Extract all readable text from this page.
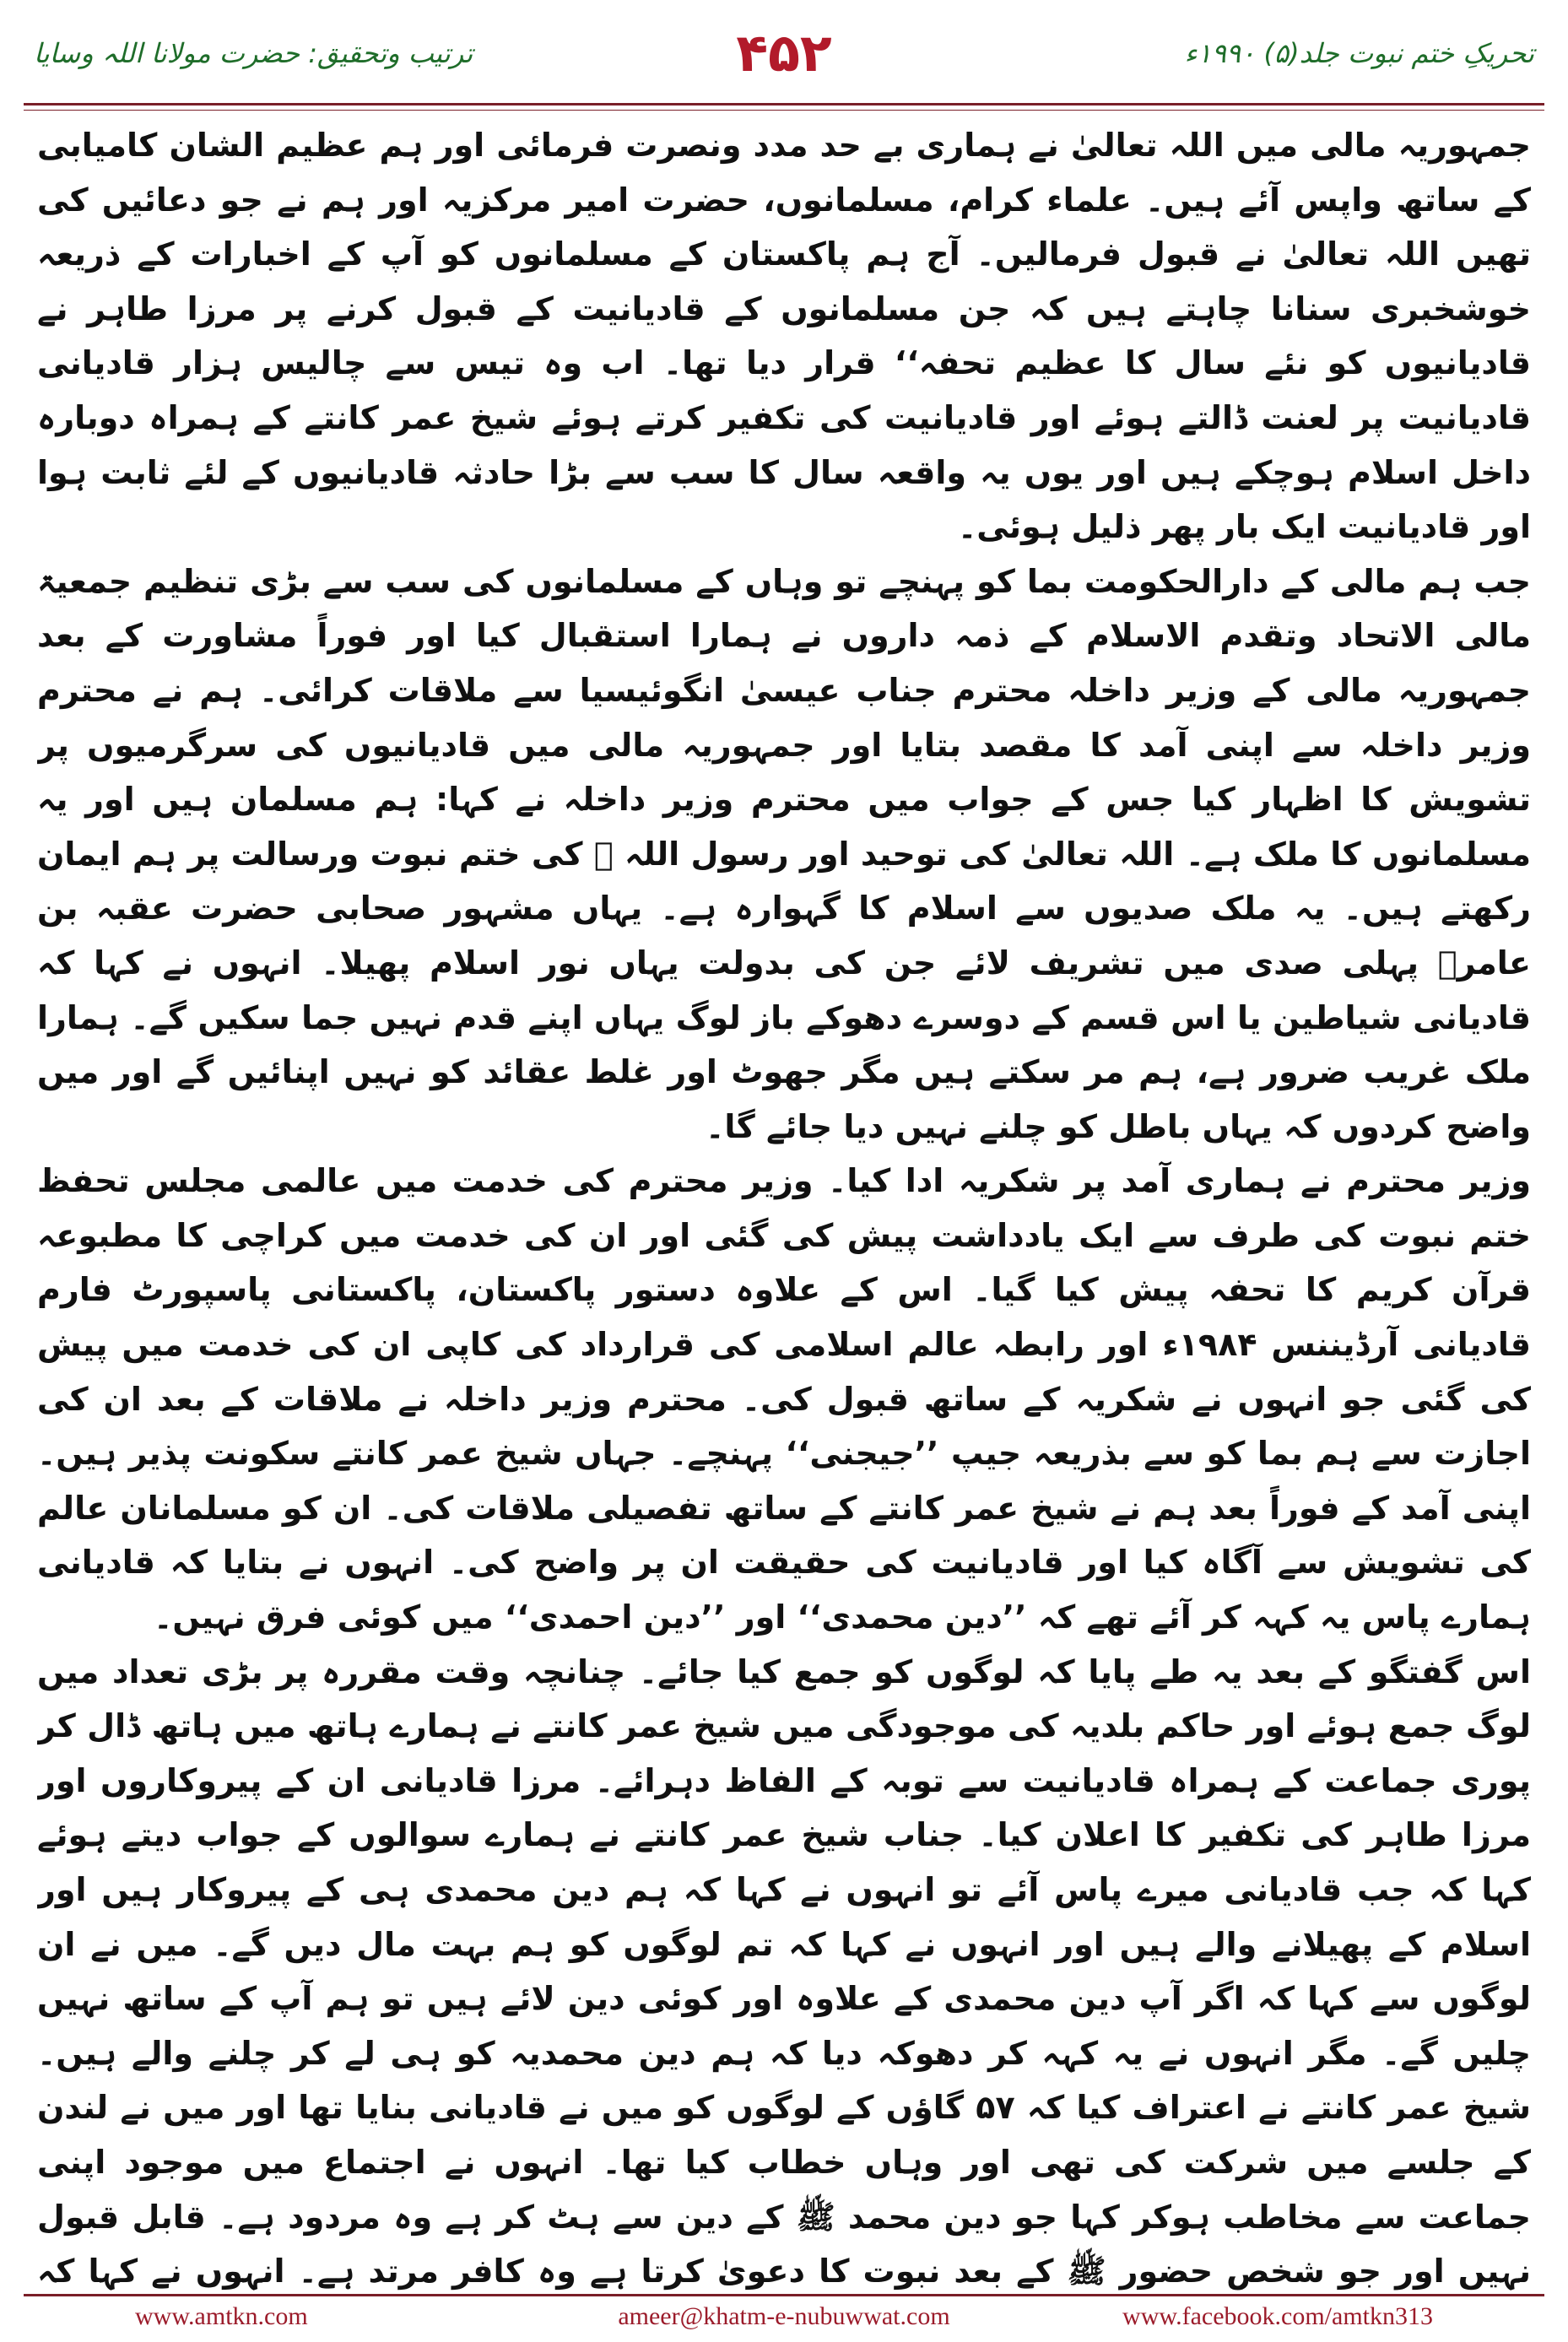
ترتیب وتحقیق: حضرت مولانا اللہ وسایا	۴۵۲	تحریکِ ختم نبوت جلد(۵) ۱۹۹۰ء

جمہوریہ مالی میں اللہ تعالیٰ نے ہماری بے حد مدد ونصرت فرمائی اور ہم عظیم الشان کامیابی کے ساتھ واپس آئے ہیں۔ علماء کرام، مسلمانوں، حضرت امیر مرکزیہ اور ہم نے جو دعائیں کی تھیں اللہ تعالیٰ نے قبول فرمالیں۔ آج ہم پاکستان کے مسلمانوں کو آپ کے اخبارات کے ذریعہ خوشخبری سنانا چاہتے ہیں کہ جن مسلمانوں کے قادیانیت کے قبول کرنے پر مرزا طاہر نے قادیانیوں کو نئے سال کا عظیم تحفہ‘‘ قرار دیا تھا۔ اب وہ تیس سے چالیس ہزار قادیانی قادیانیت پر لعنت ڈالتے ہوئے اور قادیانیت کی تکفیر کرتے ہوئے شیخ عمر کانتے کے ہمراہ دوبارہ داخل اسلام ہوچکے ہیں اور یوں یہ واقعہ سال کا سب سے بڑا حادثہ قادیانیوں کے لئے ثابت ہوا اور قادیانیت ایک بار پھر ذلیل ہوئی۔

جب ہم مالی کے دارالحکومت بما کو پہنچے تو وہاں کے مسلمانوں کی سب سے بڑی تنظیم جمعیۃ مالی الاتحاد وتقدم الاسلام کے ذمہ داروں نے ہمارا استقبال کیا اور فوراً مشاورت کے بعد جمہوریہ مالی کے وزیر داخلہ محترم جناب عیسیٰ انگوئیسیا سے ملاقات کرائی۔ ہم نے محترم وزیر داخلہ سے اپنی آمد کا مقصد بتایا اور جمہوریہ مالی میں قادیانیوں کی سرگرمیوں پر تشویش کا اظہار کیا جس کے جواب میں محترم وزیر داخلہ نے کہا: ہم مسلمان ہیں اور یہ مسلمانوں کا ملک ہے۔ اللہ تعالیٰ کی توحید اور رسول اللہ ﷺ کی ختم نبوت ورسالت پر ہم ایمان رکھتے ہیں۔ یہ ملک صدیوں سے اسلام کا گہوارہ ہے۔ یہاں مشہور صحابی حضرت عقبہ بن عامرؓ پہلی صدی میں تشریف لائے جن کی بدولت یہاں نور اسلام پھیلا۔ انہوں نے کہا کہ قادیانی شیاطین یا اس قسم کے دوسرے دھوکے باز لوگ یہاں اپنے قدم نہیں جما سکیں گے۔ ہمارا ملک غریب ضرور ہے، ہم مر سکتے ہیں مگر جھوٹ اور غلط عقائد کو نہیں اپنائیں گے اور میں واضح کردوں کہ یہاں باطل کو چلنے نہیں دیا جائے گا۔

وزیر محترم نے ہماری آمد پر شکریہ ادا کیا۔ وزیر محترم کی خدمت میں عالمی مجلس تحفظ ختم نبوت کی طرف سے ایک یادداشت پیش کی گئی اور ان کی خدمت میں کراچی کا مطبوعہ قرآن کریم کا تحفہ پیش کیا گیا۔ اس کے علاوہ دستور پاکستان، پاکستانی پاسپورٹ فارم قادیانی آرڈیننس ۱۹۸۴ء اور رابطہ عالم اسلامی کی قرارداد کی کاپی ان کی خدمت میں پیش کی گئی جو انہوں نے شکریہ کے ساتھ قبول کی۔ محترم وزیر داخلہ نے ملاقات کے بعد ان کی اجازت سے ہم بما کو سے بذریعہ جیپ ’’جیجنی‘‘ پہنچے۔ جہاں شیخ عمر کانتے سکونت پذیر ہیں۔ اپنی آمد کے فوراً بعد ہم نے شیخ عمر کانتے کے ساتھ تفصیلی ملاقات کی۔ ان کو مسلمانان عالم کی تشویش سے آگاہ کیا اور قادیانیت کی حقیقت ان پر واضح کی۔ انہوں نے بتایا کہ قادیانی ہمارے پاس یہ کہہ کر آئے تھے کہ ’’دین محمدی‘‘ اور ’’دین احمدی‘‘ میں کوئی فرق نہیں۔

اس گفتگو کے بعد یہ طے پایا کہ لوگوں کو جمع کیا جائے۔ چنانچہ وقت مقررہ پر بڑی تعداد میں لوگ جمع ہوئے اور حاکم بلدیہ کی موجودگی میں شیخ عمر کانتے نے ہمارے ہاتھ میں ہاتھ ڈال کر پوری جماعت کے ہمراہ قادیانیت سے توبہ کے الفاظ دہرائے۔ مرزا قادیانی ان کے پیروکاروں اور مرزا طاہر کی تکفیر کا اعلان کیا۔ جناب شیخ عمر کانتے نے ہمارے سوالوں کے جواب دیتے ہوئے کہا کہ جب قادیانی میرے پاس آئے تو انہوں نے کہا کہ ہم دین محمدی ہی کے پیروکار ہیں اور اسلام کے پھیلانے والے ہیں اور انہوں نے کہا کہ تم لوگوں کو ہم بہت مال دیں گے۔ میں نے ان لوگوں سے کہا کہ اگر آپ دین محمدی کے علاوہ اور کوئی دین لائے ہیں تو ہم آپ کے ساتھ نہیں چلیں گے۔ مگر انہوں نے یہ کہہ کر دھوکہ دیا کہ ہم دین محمدیہ کو ہی لے کر چلنے والے ہیں۔ شیخ عمر کانتے نے اعتراف کیا کہ ۵۷ گاؤں کے لوگوں کو میں نے قادیانی بنایا تھا اور میں نے لندن کے جلسے میں شرکت کی تھی اور وہاں خطاب کیا تھا۔ انہوں نے اجتماع میں موجود اپنی جماعت سے مخاطب ہوکر کہا جو دین محمد ﷺ کے دین سے ہٹ کر ہے وہ مردود ہے۔ قابل قبول نہیں اور جو شخص حضور ﷺ کے بعد نبوت کا دعویٰ کرتا ہے وہ کافر مرتد ہے۔ انہوں نے کہا کہ

www.amtkn.com	ameer@khatm-e-nubuwwat.com	www.facebook.com/amtkn313
